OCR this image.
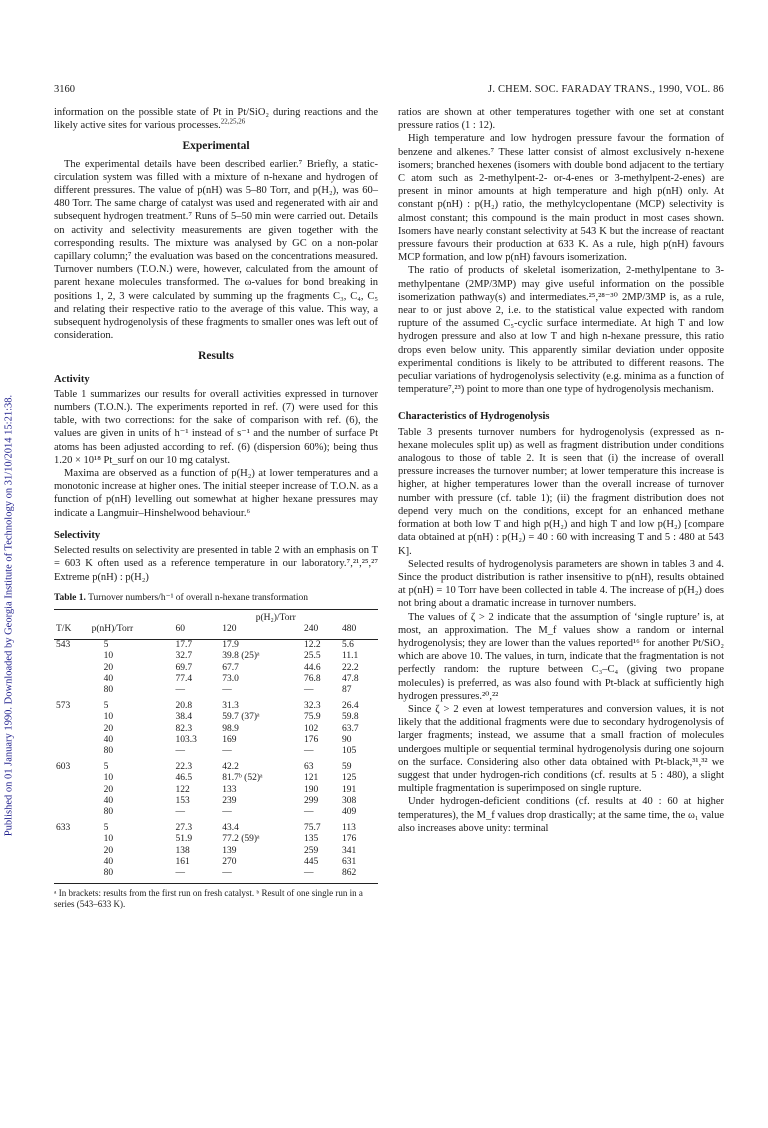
3160	J. CHEM. SOC. FARADAY TRANS., 1990, VOL. 86
Published on 01 January 1990. Downloaded by Georgia Institute of Technology on 31/10/2014 15:21:38.

information on the possible state of Pt in Pt/SiO₂ during reactions and the likely active sites for various processes.$^{22,25,26}$

Experimental

The experimental details have been described earlier.⁷ Briefly, a static-circulation system was filled with a mixture of n-hexane and hydrogen of different pressures. The value of p(nH) was 5–80 Torr, and p(H₂), was 60–480 Torr. The same charge of catalyst was used and regenerated with air and subsequent hydrogen treatment.⁷ Runs of 5–50 min were carried out. Details on activity and selectivity measurements are given together with the corresponding results. The mixture was analysed by GC on a non-polar capillary column;⁷ the evaluation was based on the concentrations measured. Turnover numbers (T.O.N.) were, however, calculated from the amount of parent hexane molecules transformed. The ω-values for bond breaking in positions 1, 2, 3 were calculated by summing up the fragments C₃, C₄, C₅ and relating their respective ratio to the average of this value. This way, a subsequent hydrogenolysis of these fragments to smaller ones was left out of consideration.

Results
Activity

Table 1 summarizes our results for overall activities expressed in turnover numbers (T.O.N.). The experiments reported in ref. (7) were used for this table, with two corrections: for the sake of comparison with ref. (6), the values are given in units of h⁻¹ instead of s⁻¹ and the number of surface Pt atoms has been adjusted according to ref. (6) (dispersion 60%); being thus 1.20 × 10¹⁸ Pt_surf on our 10 mg catalyst.

Maxima are observed as a function of p(H₂) at lower temperatures and a monotonic increase at higher ones. The initial steeper increase of T.O.N. as a function of p(nH) levelling out somewhat at higher hexane pressures may indicate a Langmuir–Hinshelwood behaviour.⁶

Selectivity

Selected results on selectivity are presented in table 2 with an emphasis on T = 603 K often used as a reference temperature in our laboratory.⁷,²¹,²⁵,²⁷ Extreme p(nH) : p(H₂)

Table 1. Turnover numbers/h⁻¹ of overall n-hexane transformation
		p(H₂)/Torr			
T/K	p(nH)/Torr	60	120	240	480
543	5	17.7	17.9	12.2	5.6
	10	32.7	39.8 (25)ᵃ	25.5	11.1
	20	69.7	67.7	44.6	22.2
	40	77.4	73.0	76.8	47.8
	80	—	—	—	87
573	5	20.8	31.3	32.3	26.4
	10	38.4	59.7 (37)ᵃ	75.9	59.8
	20	82.3	98.9	102	63.7
	40	103.3	169	176	90
	80	—	—	—	105
603	5	22.3	42.2	63	59
	10	46.5	81.7ᵇ (52)ᵃ	121	125
	20	122	133	190	191
	40	153	239	299	308
	80	—	—	—	409
633	5	27.3	43.4	75.7	113
	10	51.9	77.2 (59)ᵃ	135	176
	20	138	139	259	341
	40	161	270	445	631
	80	—	—	—	862
ᵃ In brackets: results from the first run on fresh catalyst. ᵇ Result of one single run in a series (543–633 K).

ratios are shown at other temperatures together with one set at constant pressure ratios (1 : 12).

High temperature and low hydrogen pressure favour the formation of benzene and alkenes.⁷ These latter consist of almost exclusively n-hexene isomers; branched hexenes (isomers with double bond adjacent to the tertiary C atom such as 2-methylpent-2- or-4-enes or 3-methylpent-2-enes) are present in minor amounts at high temperature and high p(nH) only. At constant p(nH) : p(H₂) ratio, the methylcyclopentane (MCP) selectivity is almost constant; this compound is the main product in most cases shown. Isomers have nearly constant selectivity at 543 K but the increase of reactant pressure favours their production at 633 K. As a rule, high p(nH) favours MCP formation, and low p(nH) favours isomerization.

The ratio of products of skeletal isomerization, 2-methylpentane to 3-methylpentane (2MP/3MP) may give useful information on the possible isomerization pathway(s) and intermediates.²⁵,²⁸⁻³⁰ 2MP/3MP is, as a rule, near to or just above 2, i.e. to the statistical value expected with random rupture of the assumed C₅-cyclic surface intermediate. At high T and low hydrogen pressure and also at low T and high n-hexane pressure, this ratio drops even below unity. This apparently similar deviation under opposite experimental conditions is likely to be attributed to different reasons. The peculiar variations of hydrogenolysis selectivity (e.g. minima as a function of temperature⁷,²³) point to more than one type of hydrogenolysis mechanism.

Characteristics of Hydrogenolysis

Table 3 presents turnover numbers for hydrogenolysis (expressed as n-hexane molecules split up) as well as fragment distribution under conditions analogous to those of table 2. It is seen that (i) the increase of overall pressure increases the turnover number; at lower temperature this increase is higher, at higher temperatures lower than the overall increase of turnover number with pressure (cf. table 1); (ii) the fragment distribution does not depend very much on the conditions, except for an enhanced methane formation at both low T and high p(H₂) and high T and low p(H₂) [compare data obtained at p(nH) : p(H₂) = 40 : 60 with increasing T and 5 : 480 at 543 K].

Selected results of hydrogenolysis parameters are shown in tables 3 and 4. Since the product distribution is rather insensitive to p(nH), results obtained at p(nH) = 10 Torr have been collected in table 4. The increase of p(H₂) does not bring about a dramatic increase in turnover numbers.

The values of ζ > 2 indicate that the assumption of ‘single rupture’ is, at most, an approximation. The M_f values show a random or internal hydrogenolysis; they are lower than the values reported¹⁶ for another Pt/SiO₂ which are above 10. The values, in turn, indicate that the fragmentation is not perfectly random: the rupture between C₃–C₄ (giving two propane molecules) is preferred, as was also found with Pt-black at sufficiently high hydrogen pressures.²⁰,²²

Since ζ > 2 even at lowest temperatures and conversion values, it is not likely that the additional fragments were due to secondary hydrogenolysis of larger fragments; instead, we assume that a small fraction of molecules undergoes multiple or sequential terminal hydrogenolysis during one sojourn on the surface. Considering also other data obtained with Pt-black,³¹,³² we suggest that under hydrogen-rich conditions (cf. results at 5 : 480), a slight multiple fragmentation is superimposed on single rupture.

Under hydrogen-deficient conditions (cf. results at 40 : 60 at higher temperatures), the M_f values drop drastically; at the same time, the ω₁ value also increases above unity: terminal
